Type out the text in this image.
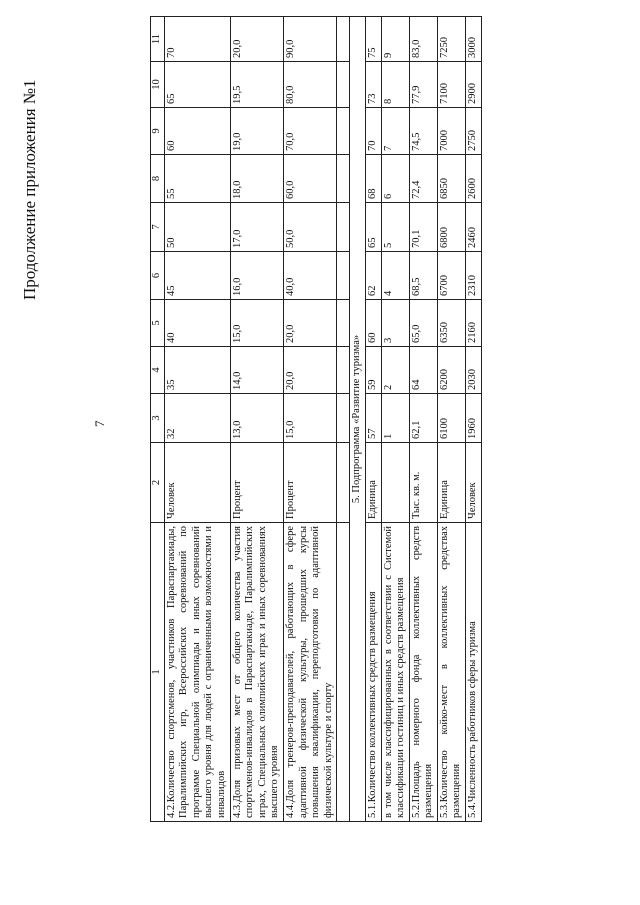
Продолжение приложения №1
7
1	2	3	4	5	6	7	8	9	10	11
4.2.Количество спортсменов, участников Параспартакиады, Паралимпийских игр, Всероссийских соревнований по программе Специальной олимпиады и иных соревнований высшего уровня для людей с ограниченными возможностями и инвалидов	Человек	32	35	40	45	50	55	60	65	70
4.3.Доля призовых мест от общего количества участия спортсменов-инвалидов в Параспартакиаде, Паралимпийских играх, Специальных олимпийских играх и иных соревнованиях высшего уровня	Процент	13,0	14,0	15,0	16,0	17,0	18,0	19,0	19,5	20,0
4.4.Доля тренеров-преподавателей, работающих в сфере адаптивной физической культуры, прошедших курсы повышения квалификации, переподготовки по адаптивной физической культуре и спорту	Процент	15,0	20,0	20,0	40,0	50,0	60,0	70,0	80,0	90,0

5. Подпрограмма «Развитие туризма»										
5.1.Количество коллективных средств размещения	Единица	57	59	60	62	65	68	70	73	75
в том числе классифицированных в соответствии с Системой классификации гостиниц и иных средств размещения		1	2	3	4	5	6	7	8	9
5.2.Площадь номерного фонда коллективных средств размещения	Тыс. кв. м.	62,1	64	65,0	68,5	70,1	72,4	74,5	77,9	83,0
5.3.Количество койко-мест в коллективных средствах размещения	Единица	6100	6200	6350	6700	6800	6850	7000	7100	7250
5.4.Численность работников сферы туризма	Человек	1960	2030	2160	2310	2460	2600	2750	2900	3000
